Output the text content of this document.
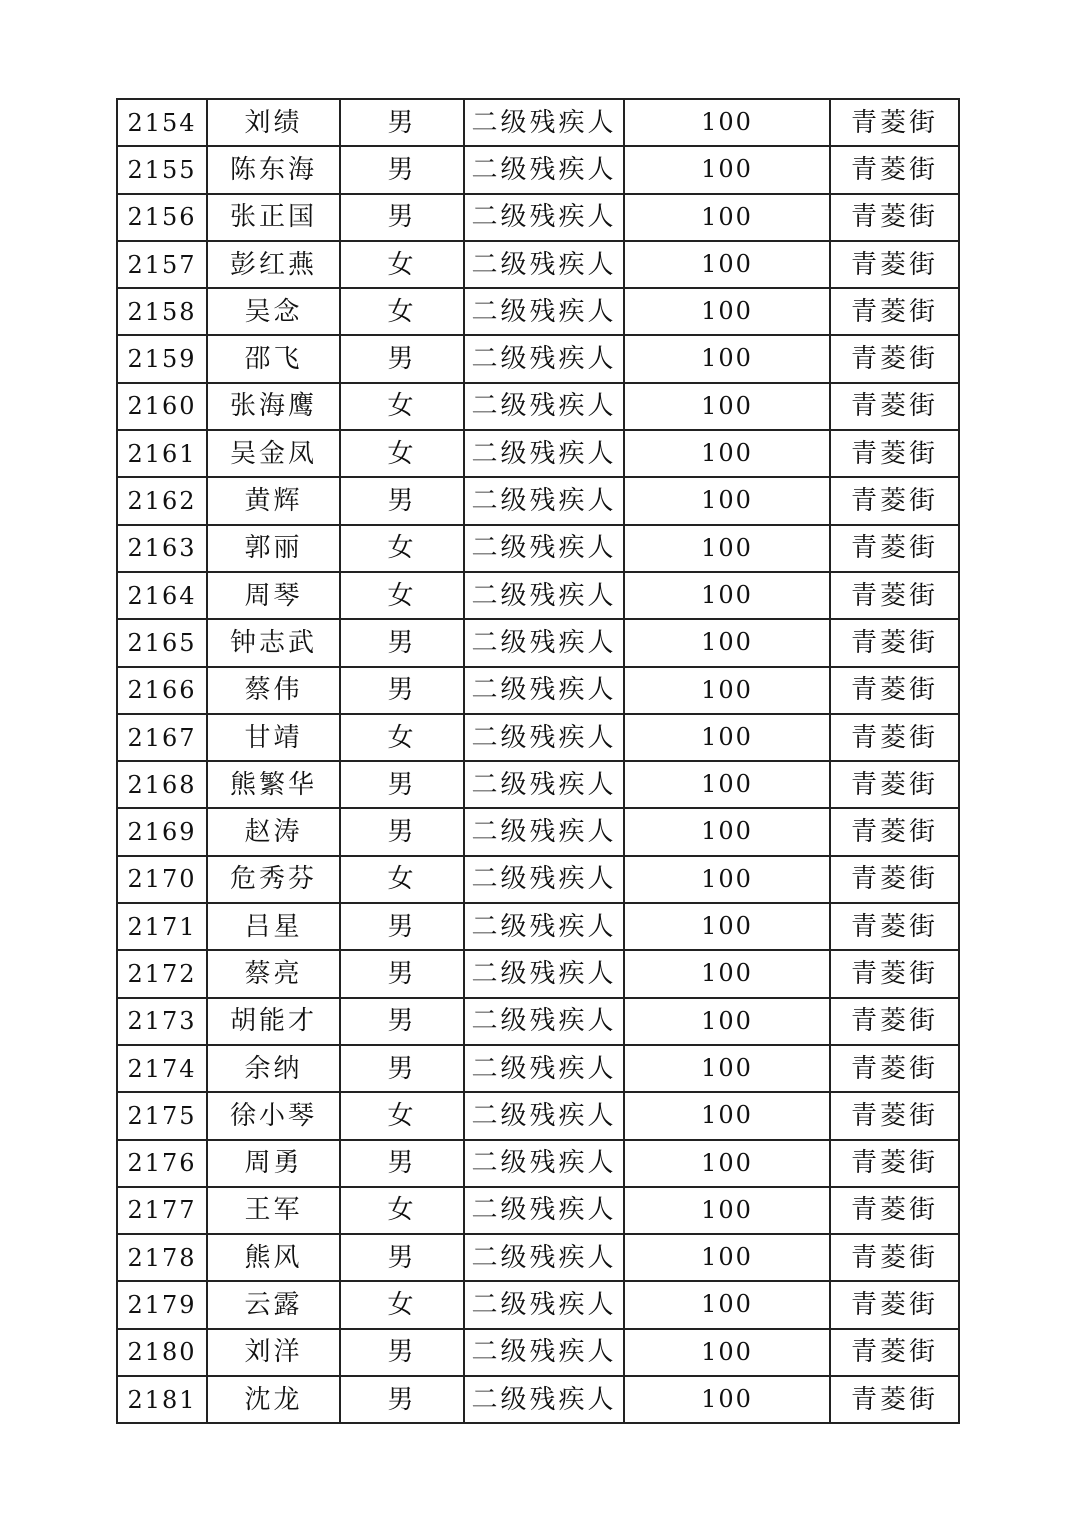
2154	刘绩	男	二级残疾人	100	青菱街
2155	陈东海	男	二级残疾人	100	青菱街
2156	张正国	男	二级残疾人	100	青菱街
2157	彭红燕	女	二级残疾人	100	青菱街
2158	吴念	女	二级残疾人	100	青菱街
2159	邵飞	男	二级残疾人	100	青菱街
2160	张海鹰	女	二级残疾人	100	青菱街
2161	吴金凤	女	二级残疾人	100	青菱街
2162	黄辉	男	二级残疾人	100	青菱街
2163	郭丽	女	二级残疾人	100	青菱街
2164	周琴	女	二级残疾人	100	青菱街
2165	钟志武	男	二级残疾人	100	青菱街
2166	蔡伟	男	二级残疾人	100	青菱街
2167	甘靖	女	二级残疾人	100	青菱街
2168	熊繁华	男	二级残疾人	100	青菱街
2169	赵涛	男	二级残疾人	100	青菱街
2170	危秀芬	女	二级残疾人	100	青菱街
2171	吕星	男	二级残疾人	100	青菱街
2172	蔡亮	男	二级残疾人	100	青菱街
2173	胡能才	男	二级残疾人	100	青菱街
2174	余纳	男	二级残疾人	100	青菱街
2175	徐小琴	女	二级残疾人	100	青菱街
2176	周勇	男	二级残疾人	100	青菱街
2177	王军	女	二级残疾人	100	青菱街
2178	熊风	男	二级残疾人	100	青菱街
2179	云露	女	二级残疾人	100	青菱街
2180	刘洋	男	二级残疾人	100	青菱街
2181	沈龙	男	二级残疾人	100	青菱街
